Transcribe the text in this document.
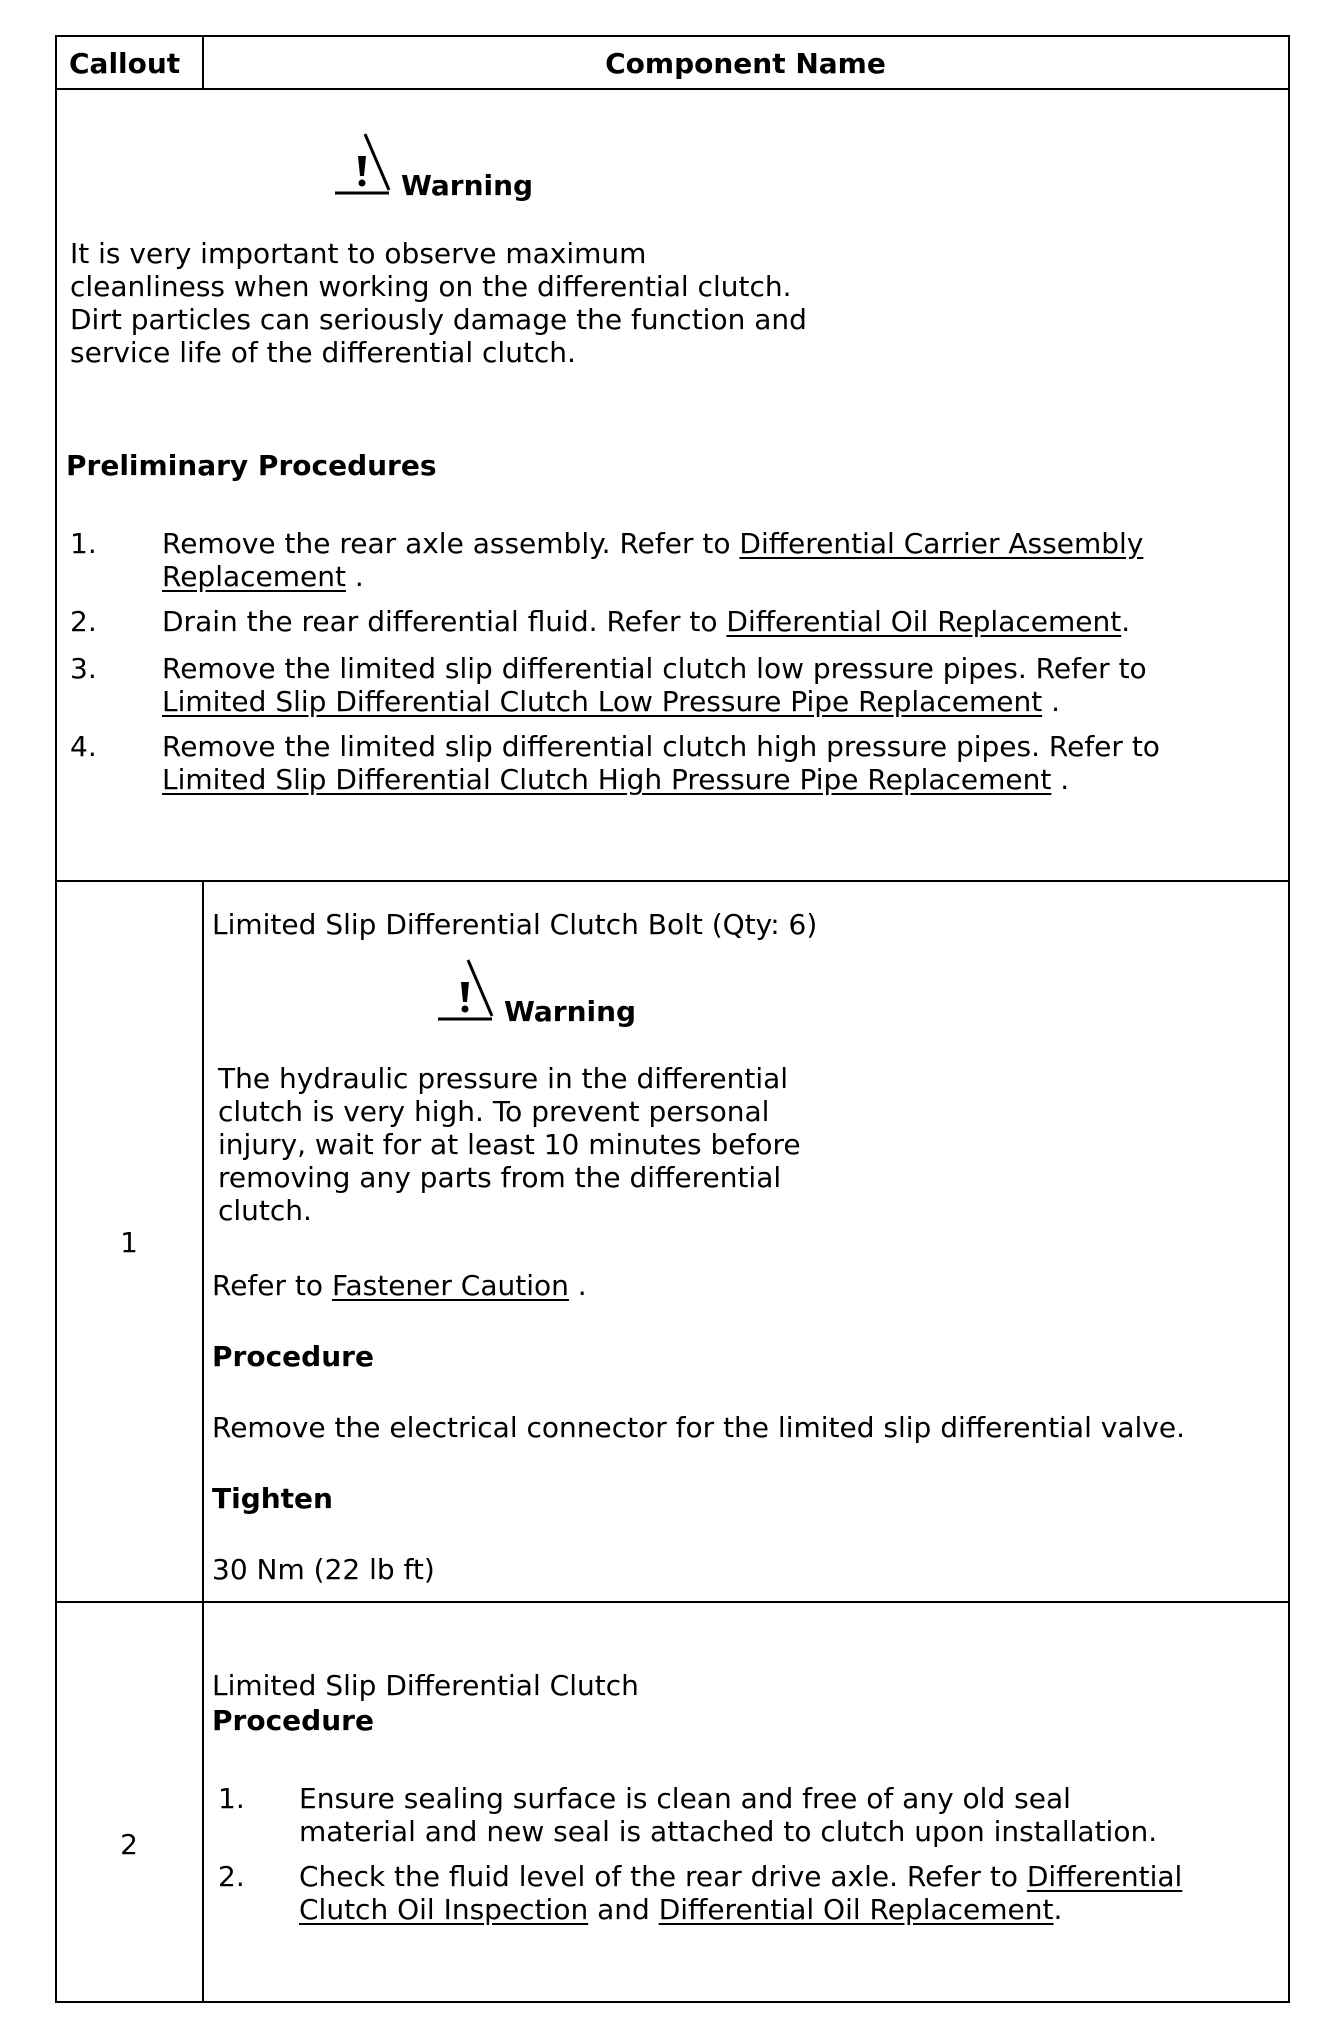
Callout	Component Name
Warning
It is very important to observe maximum
cleanliness when working on the differential clutch.
Dirt particles can seriously damage the function and
service life of the differential clutch.
Preliminary Procedures
1. Remove the rear axle assembly. Refer to Differential Carrier Assembly
Replacement .
2. Drain the rear differential fluid. Refer to Differential Oil Replacement.
3. Remove the limited slip differential clutch low pressure pipes. Refer to
Limited Slip Differential Clutch Low Pressure Pipe Replacement .
4. Remove the limited slip differential clutch high pressure pipes. Refer to
Limited Slip Differential Clutch High Pressure Pipe Replacement .
1
Limited Slip Differential Clutch Bolt (Qty: 6)
Warning
The hydraulic pressure in the differential
clutch is very high. To prevent personal
injury, wait for at least 10 minutes before
removing any parts from the differential
clutch.
Refer to Fastener Caution .
Procedure
Remove the electrical connector for the limited slip differential valve.
Tighten
30 Nm (22 lb ft)
2
Limited Slip Differential Clutch
Procedure
1. Ensure sealing surface is clean and free of any old seal
material and new seal is attached to clutch upon installation.
2. Check the fluid level of the rear drive axle. Refer to Differential
Clutch Oil Inspection and Differential Oil Replacement.
